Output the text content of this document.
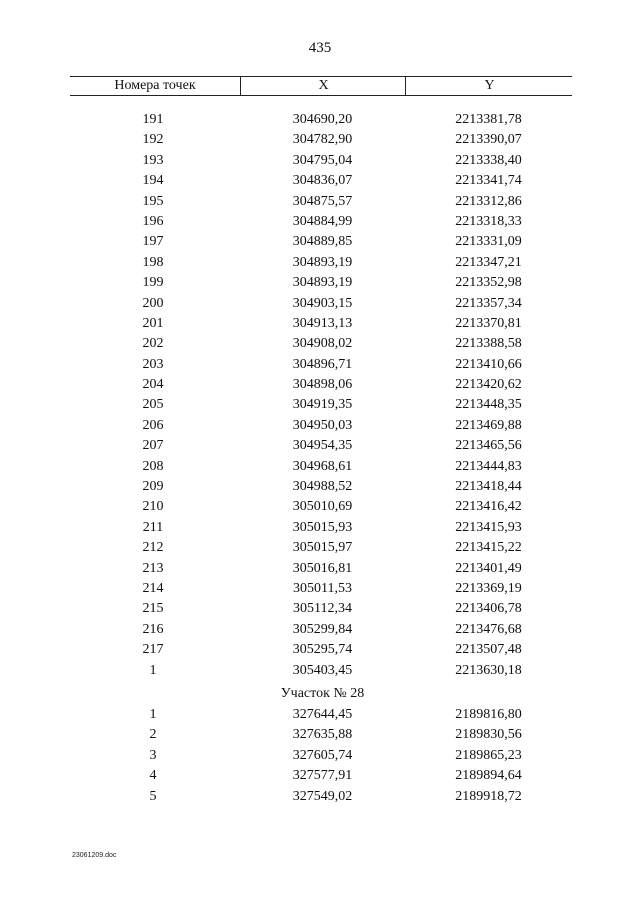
435
Номера точек	X	Y
191	304690,20	2213381,78
192	304782,90	2213390,07
193	304795,04	2213338,40
194	304836,07	2213341,74
195	304875,57	2213312,86
196	304884,99	2213318,33
197	304889,85	2213331,09
198	304893,19	2213347,21
199	304893,19	2213352,98
200	304903,15	2213357,34
201	304913,13	2213370,81
202	304908,02	2213388,58
203	304896,71	2213410,66
204	304898,06	2213420,62
205	304919,35	2213448,35
206	304950,03	2213469,88
207	304954,35	2213465,56
208	304968,61	2213444,83
209	304988,52	2213418,44
210	305010,69	2213416,42
211	305015,93	2213415,93
212	305015,97	2213415,22
213	305016,81	2213401,49
214	305011,53	2213369,19
215	305112,34	2213406,78
216	305299,84	2213476,68
217	305295,74	2213507,48
1	305403,45	2213630,18
Участок № 28
1	327644,45	2189816,80
2	327635,88	2189830,56
3	327605,74	2189865,23
4	327577,91	2189894,64
5	327549,02	2189918,72
23061209.doc
